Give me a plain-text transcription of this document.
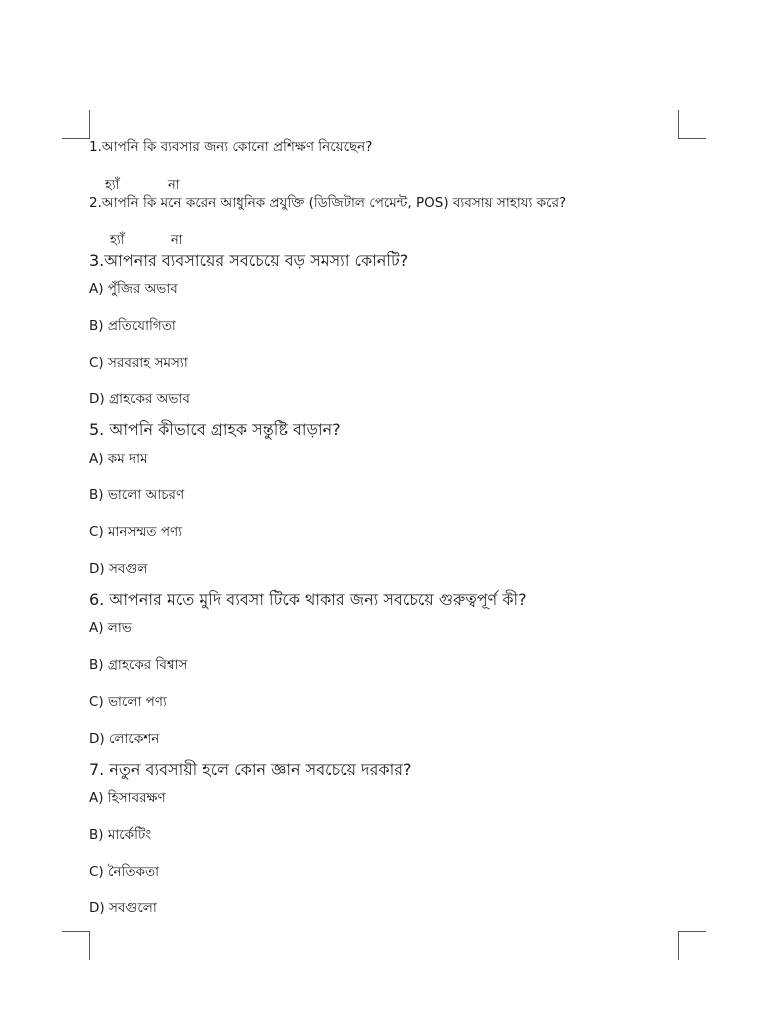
1.আপনি কি ব্যবসার জন্য কোনো প্রশিক্ষণ নিয়েছেন?
হ্যাঁ	না
2.আপনি কি মনে করেন আধুনিক প্রযুক্তি (ডিজিটাল পেমেন্ট, POS) ব্যবসায় সাহায্য করে?
হ্যাঁ	না
3.আপনার ব্যবসায়ের সবচেয়ে বড় সমস্যা কোনটি?
A) পুঁজির অভাব
B) প্রতিযোগিতা
C) সরবরাহ সমস্যা
D) গ্রাহকের অভাব
5. আপনি কীভাবে গ্রাহক সন্তুষ্টি বাড়ান?
A) কম দাম
B) ভালো আচরণ
C) মানসম্মত পণ্য
D) সবগুল
6. আপনার মতে মুদি ব্যবসা টিকে থাকার জন্য সবচেয়ে গুরুত্বপূর্ণ কী?
A) লাভ
B) গ্রাহকের বিশ্বাস
C) ভালো পণ্য
D) লোকেশন
7. নতুন ব্যবসায়ী হলে কোন জ্ঞান সবচেয়ে দরকার?
A) হিসাবরক্ষণ
B) মার্কেটিং
C) নৈতিকতা
D) সবগুলো
